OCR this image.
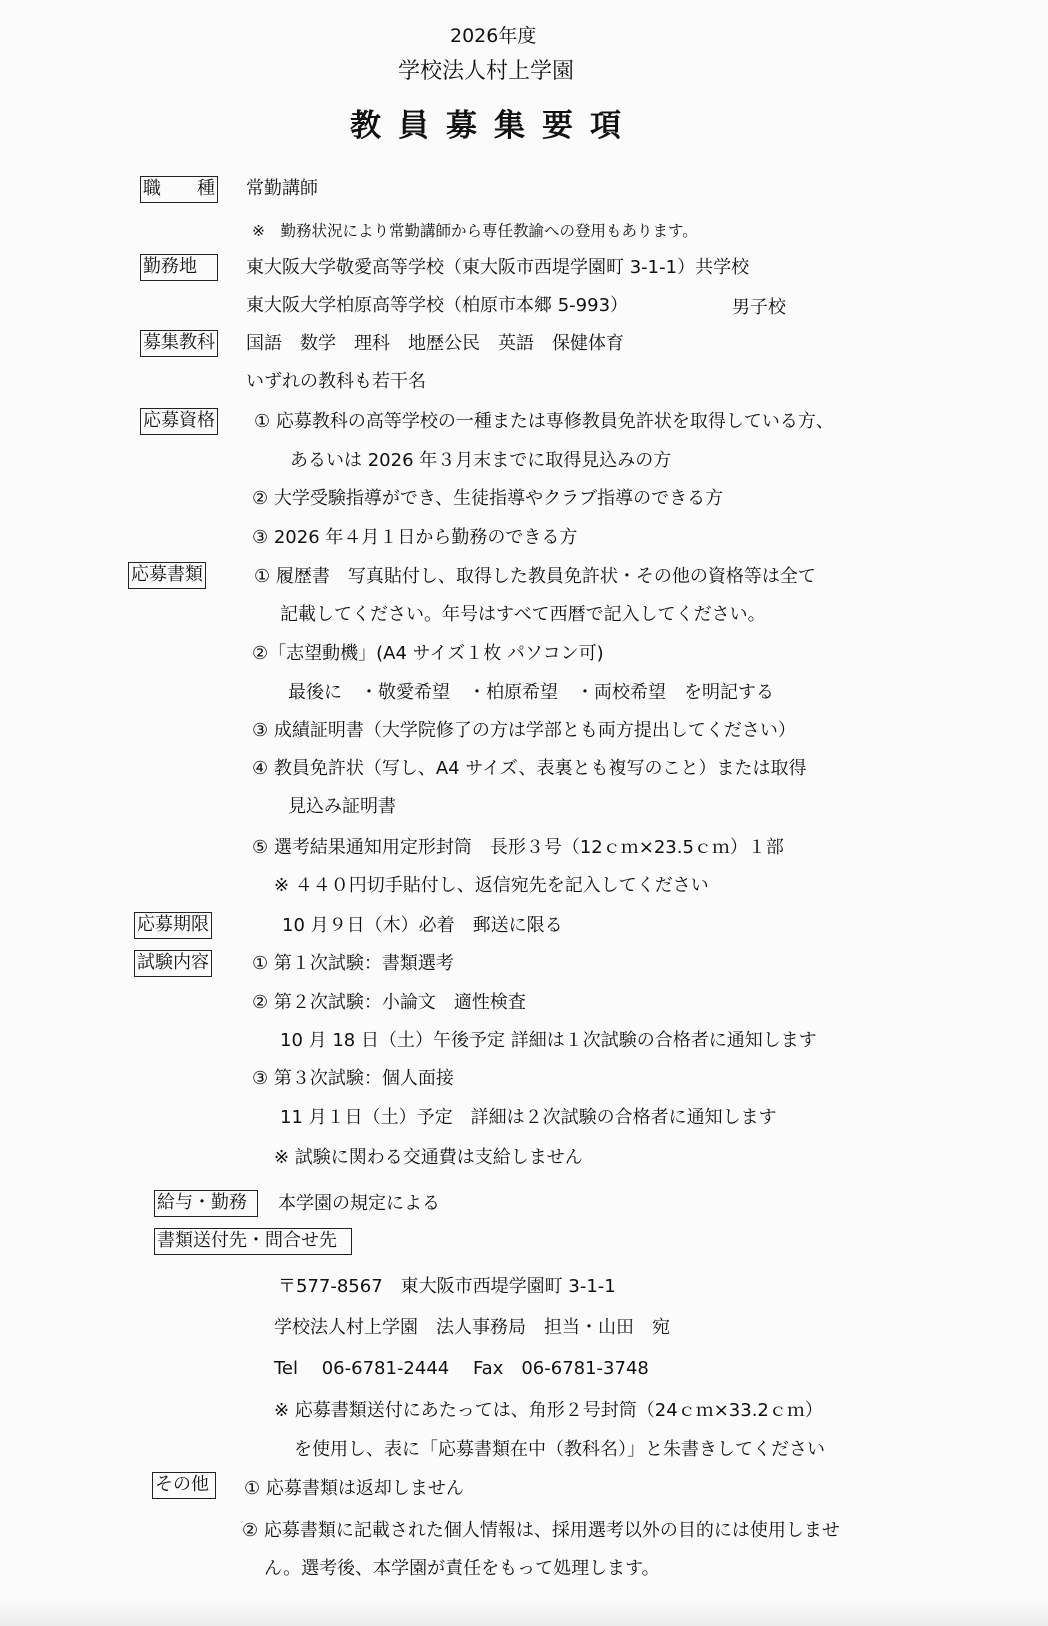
2026年度
学校法人村上学園
教員募集要項
職　　種 常勤講師
※　勤務状況により常勤講師から専任教諭への登用もあります。
勤務地	東大阪大学敬愛高等学校（東大阪市西堤学園町 3-1-1）共学校
東大阪大学柏原高等学校（柏原市本郷 5-993）	男子校
募集教科 国語　数学　理科　地歴公民　英語　保健体育
いずれの教科も若干名
応募資格 ① 応募教科の高等学校の一種または専修教員免許状を取得している方、
あるいは 2026 年３月末までに取得見込みの方
② 大学受験指導ができ、生徒指導やクラブ指導のできる方
③ 2026 年４月１日から勤務のできる方
応募書類	① 履歴書　写真貼付し、取得した教員免許状・その他の資格等は全て
記載してください。年号はすべて西暦で記入してください。
②「志望動機」(A4 サイズ１枚 パソコン可)
最後に　・敬愛希望　・柏原希望　・両校希望　を明記する
③ 成績証明書（大学院修了の方は学部とも両方提出してください）
④ 教員免許状（写し、A4 サイズ、表裏とも複写のこと）または取得
見込み証明書
⑤ 選考結果通知用定形封筒　長形３号（12ｃｍ×23.5ｃｍ）１部
※ ４４０円切手貼付し、返信宛先を記入してください
応募期限	10 月９日（木）必着　郵送に限る
試験内容 ① 第１次試験：書類選考
② 第２次試験：小論文　適性検査
10 月 18 日（土）午後予定 詳細は１次試験の合格者に通知します
③ 第３次試験：個人面接
11 月１日（土）予定　詳細は２次試験の合格者に通知します
※ 試験に関わる交通費は支給しません
給与・勤務	本学園の規定による
書類送付先・問合せ先
〒577-8567　東大阪市西堤学園町 3-1-1
学校法人村上学園　法人事務局　担当・山田　宛
Tel　 06-6781-2444　 Fax　06-6781-3748
※ 応募書類送付にあたっては、角形２号封筒（24ｃｍ×33.2ｃｍ）
を使用し、表に「応募書類在中（教科名）」と朱書きしてください
その他	① 応募書類は返却しません
② 応募書類に記載された個人情報は、採用選考以外の目的には使用しませ
ん。選考後、本学園が責任をもって処理します。
